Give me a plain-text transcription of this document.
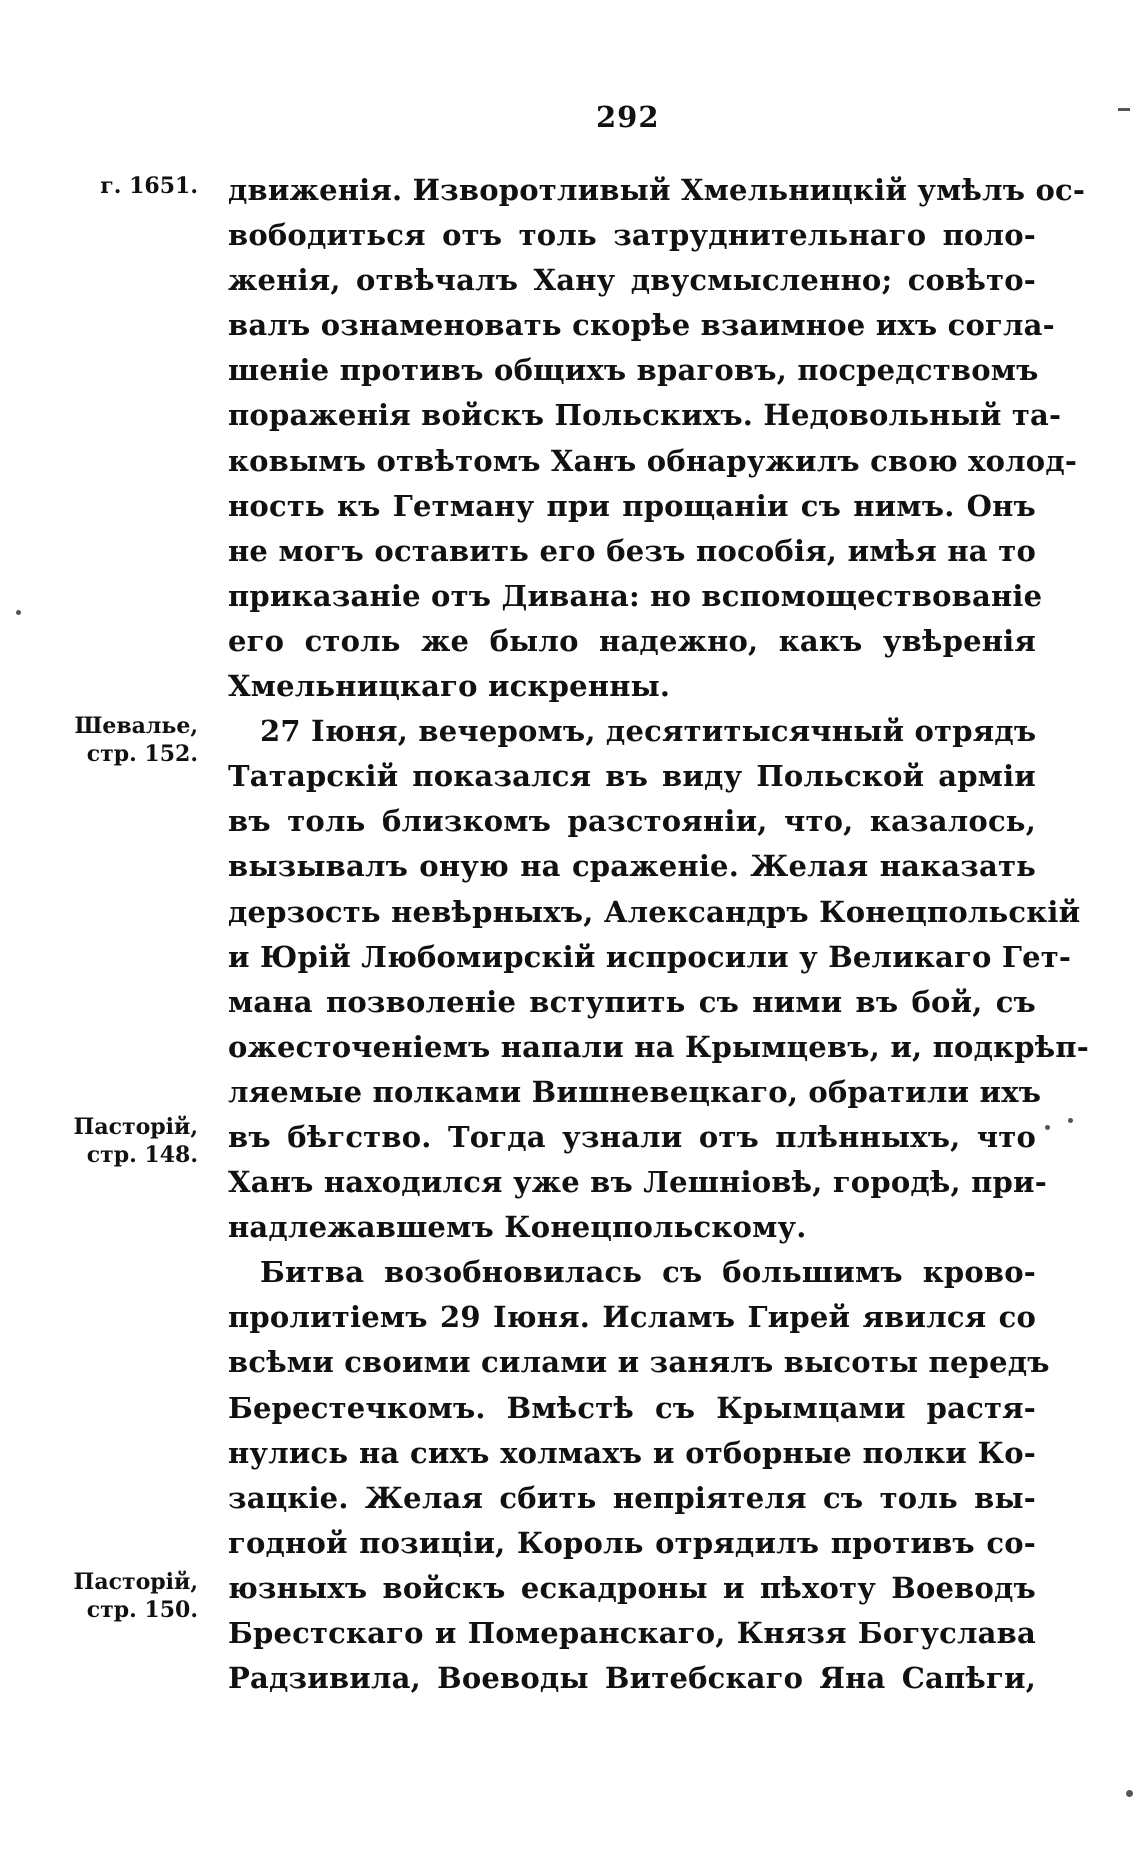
292
г. 1651.
Шевалье,
стр. 152.
Пасторій,
стр. 148.
Пасторій,
стр. 150.
движенія. Изворотливый Хмельницкій умѣлъ ос-
вободиться отъ толь затруднительнаго поло-
женія, отвѣчалъ Хану двусмысленно; совѣто-
валъ ознаменовать скорѣе взаимное ихъ согла-
шеніе противъ общихъ враговъ, посредствомъ
пораженія войскъ Польскихъ. Недовольный та-
ковымъ отвѣтомъ Ханъ обнаружилъ свою холод-
ность къ Гетману при прощаніи съ нимъ. Онъ
не могъ оставить его безъ пособія, имѣя на то
приказаніе отъ Дивана: но вспомоществованіе
его столь же было надежно, какъ увѣренія
Хмельницкаго искренны.
27 Іюня, вечеромъ, десятитысячный отрядъ
Татарскій показался въ виду Польской арміи
въ толь близкомъ разстояніи, что, казалось,
вызывалъ оную на сраженіе. Желая наказать
дерзость невѣрныхъ, Александръ Конецпольскій
и Юрій Любомирскій испросили у Великаго Гет-
мана позволеніе вступить съ ними въ бой, съ
ожесточеніемъ напали на Крымцевъ, и, подкрѣп-
ляемые полками Вишневецкаго, обратили ихъ
въ бѣгство. Тогда узнали отъ плѣнныхъ, что
Ханъ находился уже въ Лешніовѣ, городѣ, при-
надлежавшемъ Конецпольскому.
Битва возобновилась съ большимъ крово-
пролитіемъ 29 Іюня. Исламъ Гирей явился со
всѣми своими силами и занялъ высоты передъ
Берестечкомъ. Вмѣстѣ съ Крымцами растя-
нулись на сихъ холмахъ и отборные полки Ко-
зацкіе. Желая сбить непріятеля съ толь вы-
годной позиціи, Король отрядилъ противъ со-
юзныхъ войскъ ескадроны и пѣхоту Воеводъ
Брестскаго и Померанскаго, Князя Богуслава
Радзивила, Воеводы Витебскаго Яна Сапѣги,
